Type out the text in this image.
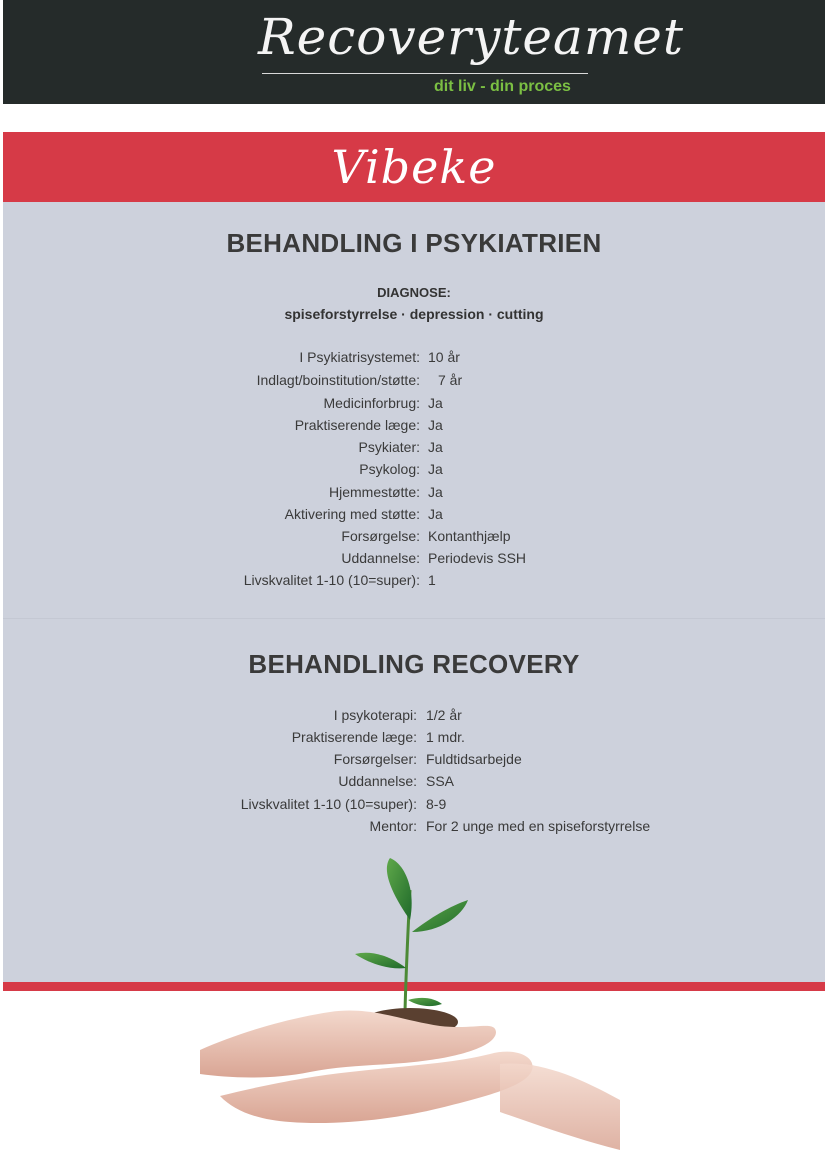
Recoveryteamet
dit liv - din proces
Vibeke
BEHANDLING I PSYKIATRIEN
DIAGNOSE:
spiseforstyrrelse · depression · cutting
I Psykiatrisystemet: 10 år
Indlagt/boinstitution/støtte: 7 år
Medicinforbrug: Ja
Praktiserende læge: Ja
Psykiater: Ja
Psykolog: Ja
Hjemmestøtte: Ja
Aktivering med støtte: Ja
Forsørgelse: Kontanthjælp
Uddannelse: Periodevis SSH
Livskvalitet 1-10 (10=super): 1
BEHANDLING RECOVERY
I psykoterapi: 1/2 år
Praktiserende læge: 1 mdr.
Forsørgelser: Fuldtidsarbejde
Uddannelse: SSA
Livskvalitet 1-10 (10=super): 8-9
Mentor: For 2 unge med en spiseforstyrrelse
